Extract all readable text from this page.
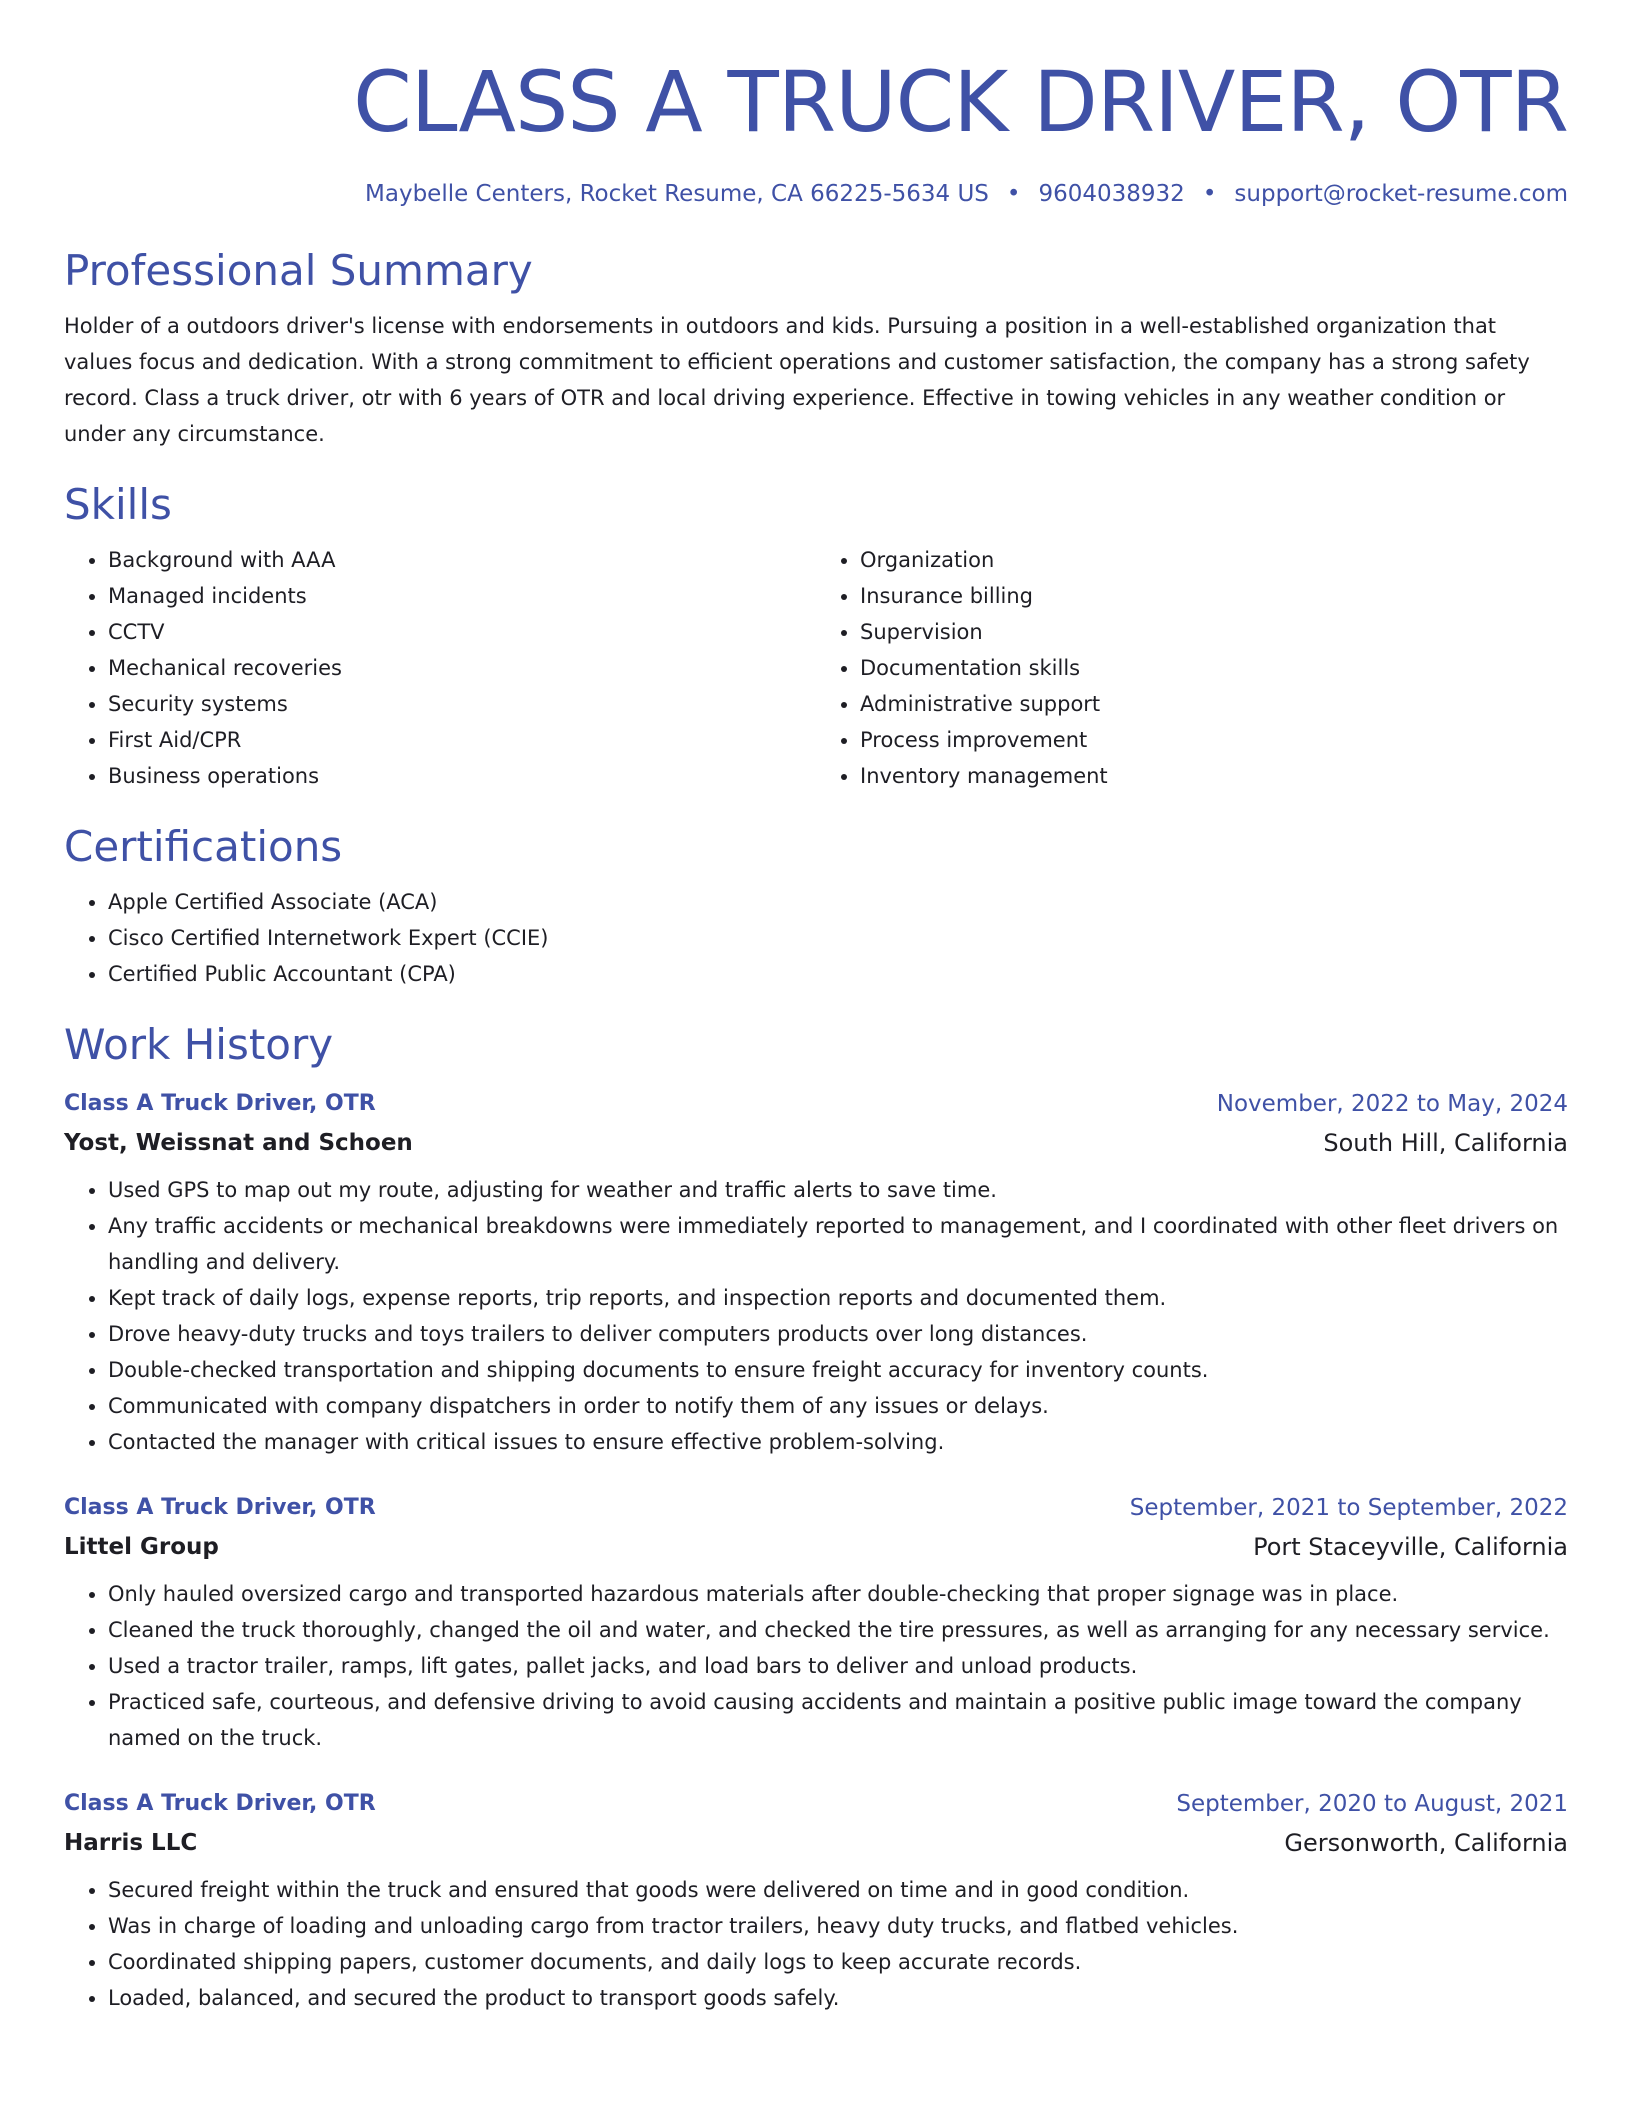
CLASS A TRUCK DRIVER, OTR
Maybelle Centers, Rocket Resume, CA 66225-5634 US • 9604038932 • support@rocket-resume.com
Professional Summary

Holder of a outdoors driver's license with endorsements in outdoors and kids. Pursuing a position in a well-established organization that values focus and dedication. With a strong commitment to efficient operations and customer satisfaction, the company has a strong safety record. Class a truck driver, otr with 6 years of OTR and local driving experience. Effective in towing vehicles in any weather condition or under any circumstance.

Skills
• Background with AAA
• Managed incidents
• CCTV
• Mechanical recoveries
• Security systems
• First Aid/CPR
• Business operations
• Organization
• Insurance billing
• Supervision
• Documentation skills
• Administrative support
• Process improvement
• Inventory management
Certifications
• Apple Certified Associate (ACA)
• Cisco Certified Internetwork Expert (CCIE)
• Certified Public Accountant (CPA)
Work History
Class A Truck Driver, OTR	November, 2022 to May, 2024
Yost, Weissnat and Schoen	South Hill, California
• Used GPS to map out my route, adjusting for weather and traffic alerts to save time.
• Any traffic accidents or mechanical breakdowns were immediately reported to management, and I coordinated with other fleet drivers on handling and delivery.
• Kept track of daily logs, expense reports, trip reports, and inspection reports and documented them.
• Drove heavy-duty trucks and toys trailers to deliver computers products over long distances.
• Double-checked transportation and shipping documents to ensure freight accuracy for inventory counts.
• Communicated with company dispatchers in order to notify them of any issues or delays.
• Contacted the manager with critical issues to ensure effective problem-solving.
Class A Truck Driver, OTR	September, 2021 to September, 2022
Littel Group	Port Staceyville, California
• Only hauled oversized cargo and transported hazardous materials after double-checking that proper signage was in place.
• Cleaned the truck thoroughly, changed the oil and water, and checked the tire pressures, as well as arranging for any necessary service.
• Used a tractor trailer, ramps, lift gates, pallet jacks, and load bars to deliver and unload products.
• Practiced safe, courteous, and defensive driving to avoid causing accidents and maintain a positive public image toward the company named on the truck.
Class A Truck Driver, OTR	September, 2020 to August, 2021
Harris LLC	Gersonworth, California
• Secured freight within the truck and ensured that goods were delivered on time and in good condition.
• Was in charge of loading and unloading cargo from tractor trailers, heavy duty trucks, and flatbed vehicles.
• Coordinated shipping papers, customer documents, and daily logs to keep accurate records.
• Loaded, balanced, and secured the product to transport goods safely.
